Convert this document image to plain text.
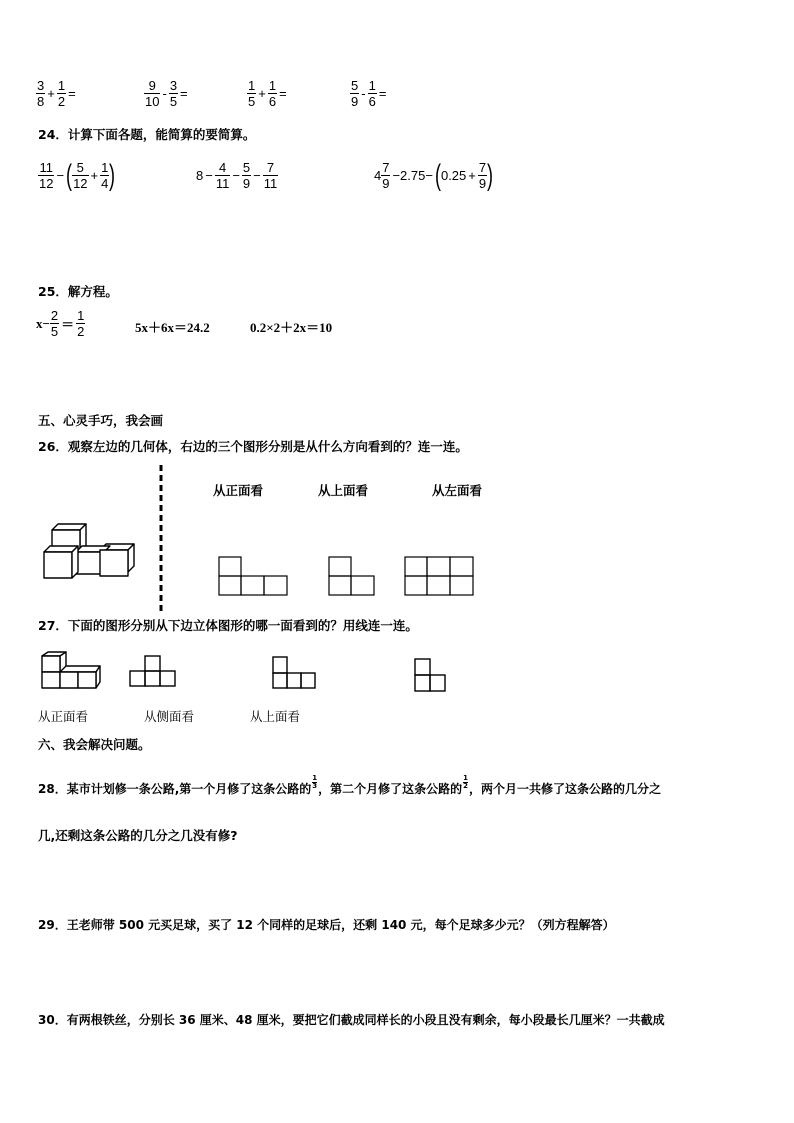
$\frac{3}{8} + \frac{1}{2}$ =	$\frac{9}{10} - \frac{3}{5}$ =	$\frac{1}{5} + \frac{1}{6}$ =	$\frac{5}{9} - \frac{1}{6}$ =
24．计算下面各题，能简算的要简算。
$\frac{11}{12}$ − ( $\frac{5}{12} + \frac{1}{4}$ )	$8 - \frac{4}{11} - \frac{5}{9} - \frac{7}{11}$	$4 \frac{7}{9} -2.75-$ ( $0.25 + \frac{7}{9}$ )
25．解方程。
$x- \frac{2}{5} = \frac{1}{2}$	5x＋6x＝24.2	0.2×2＋2x＝10
五、心灵手巧，我会画
26．观察左边的几何体，右边的三个图形分别是从什么方向看到的？连一连。
从正面看	从上面看	从左面看
27．下面的图形分别从下边立体图形的哪一面看到的？用线连一连。
从正面看	从侧面看	从上面看
六、我会解决问题。
28．某市计划修一条公路,第一个月修了这条公路的 $\frac{1}{3}$ ，第二个月修了这条公路的 $\frac{1}{2}$ ，两个月一共修了这条公路的几分之
几,还剩这条公路的几分之几没有修?
29．王老师带 500 元买足球，买了 12 个同样的足球后，还剩 140 元，每个足球多少元？（列方程解答）
30．有两根铁丝，分别长 36 厘米、48 厘米，要把它们截成同样长的小段且没有剩余，每小段最长几厘米？一共截成
